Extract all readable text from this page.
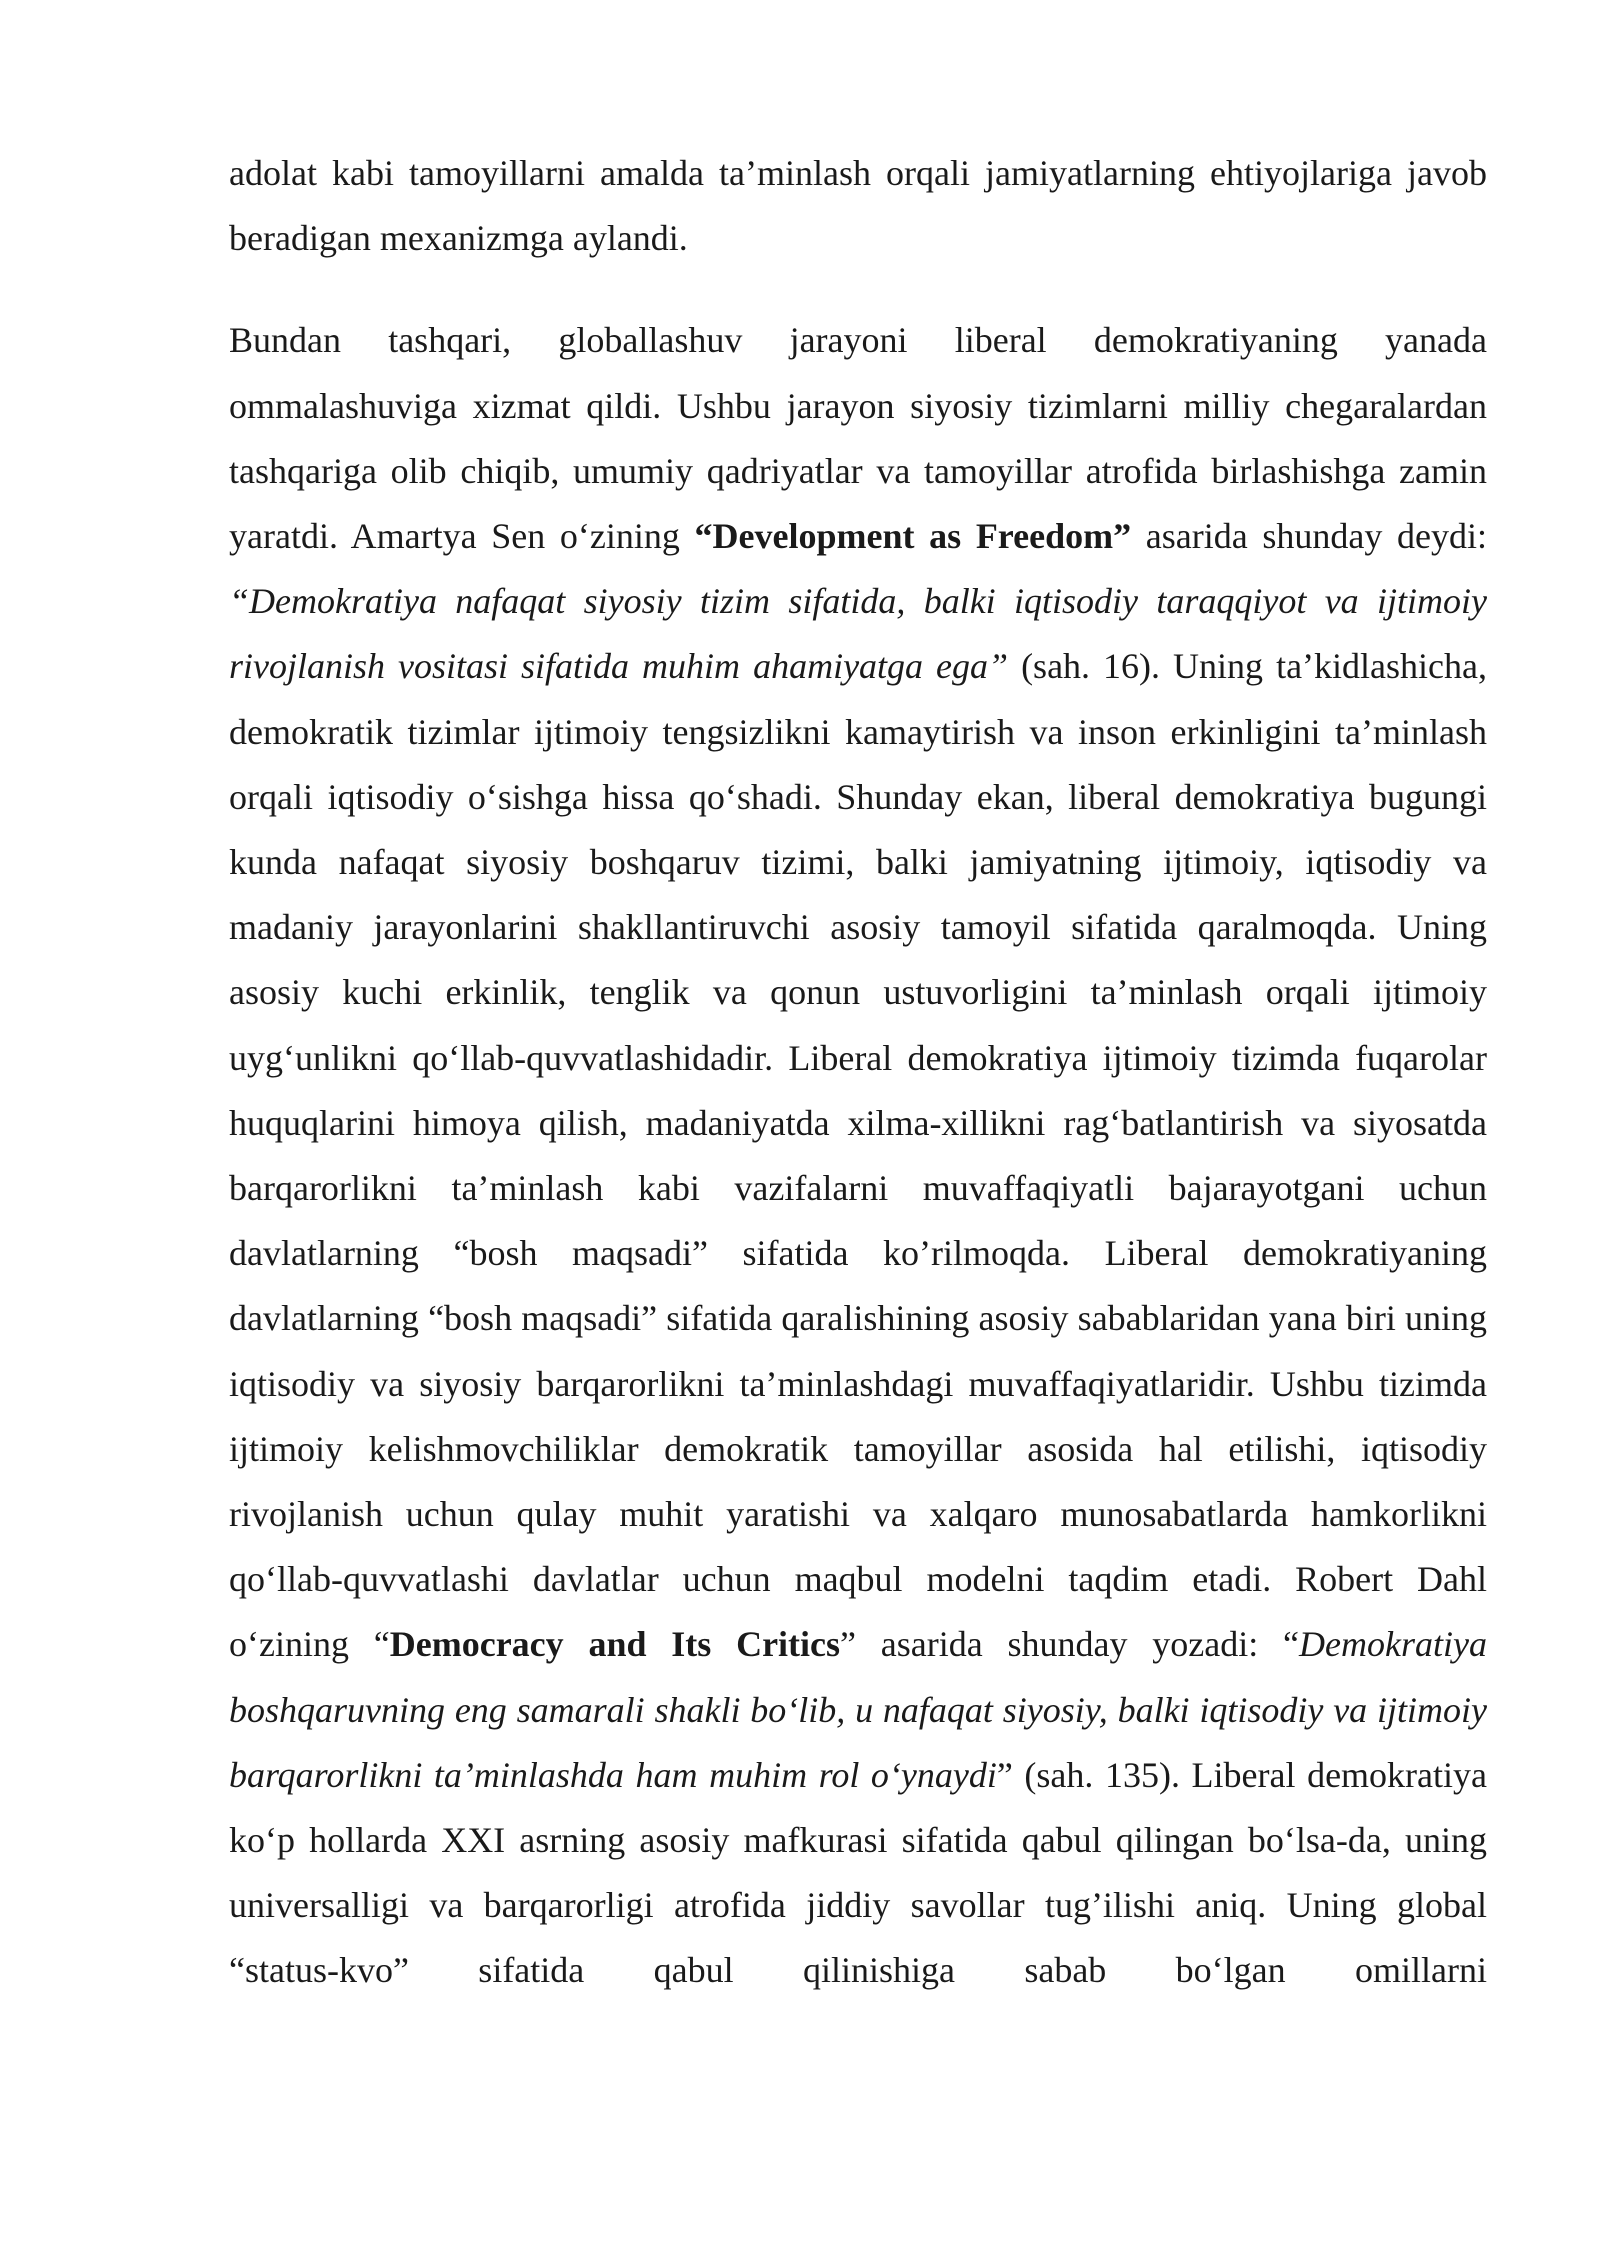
adolat kabi tamoyillarni amalda ta’minlash orqali jamiyatlarning ehtiyojlariga javob beradigan mexanizmga aylandi.

Bundan tashqari, globallashuv jarayoni liberal demokratiyaning yanada ommalashuviga xizmat qildi. Ushbu jarayon siyosiy tizimlarni milliy chegaralardan tashqariga olib chiqib, umumiy qadriyatlar va tamoyillar atrofida birlashishga zamin yaratdi. Amartya Sen o‘zining “Development as Freedom” asarida shunday deydi: “Demokratiya nafaqat siyosiy tizim sifatida, balki iqtisodiy taraqqiyot va ijtimoiy rivojlanish vositasi sifatida muhim ahamiyatga ega” (sah. 16). Uning ta’kidlashicha, demokratik tizimlar ijtimoiy tengsizlikni kamaytirish va inson erkinligini ta’minlash orqali iqtisodiy o‘sishga hissa qo‘shadi. Shunday ekan, liberal demokratiya bugungi kunda nafaqat siyosiy boshqaruv tizimi, balki jamiyatning ijtimoiy, iqtisodiy va madaniy jarayonlarini shakllantiruvchi asosiy tamoyil sifatida qaralmoqda. Uning asosiy kuchi erkinlik, tenglik va qonun ustuvorligini ta’minlash orqali ijtimoiy uyg‘unlikni qo‘llab-quvvatlashidadir. Liberal demokratiya ijtimoiy tizimda fuqarolar huquqlarini himoya qilish, madaniyatda xilma-xillikni rag‘batlantirish va siyosatda barqarorlikni ta’minlash kabi vazifalarni muvaffaqiyatli bajarayotgani uchun davlatlarning “bosh maqsadi” sifatida ko’rilmoqda. Liberal demokratiyaning davlatlarning “bosh maqsadi” sifatida qaralishining asosiy sabablaridan yana biri uning iqtisodiy va siyosiy barqarorlikni ta’minlashdagi muvaffaqiyatlaridir. Ushbu tizimda ijtimoiy kelishmovchiliklar demokratik tamoyillar asosida hal etilishi, iqtisodiy rivojlanish uchun qulay muhit yaratishi va xalqaro munosabatlarda hamkorlikni qo‘llab-quvvatlashi davlatlar uchun maqbul modelni taqdim etadi. Robert Dahl o‘zining “Democracy and Its Critics” asarida shunday yozadi: “Demokratiya boshqaruvning eng samarali shakli bo‘lib, u nafaqat siyosiy, balki iqtisodiy va ijtimoiy barqarorlikni ta’minlashda ham muhim rol o‘ynaydi” (sah. 135). Liberal demokratiya ko‘p hollarda XXI asrning asosiy mafkurasi sifatida qabul qilingan bo‘lsa-da, uning universalligi va barqarorligi atrofida jiddiy savollar tug’ilishi aniq. Uning global “status-kvo” sifatida qabul qilinishiga sabab bo‘lgan omillarni
